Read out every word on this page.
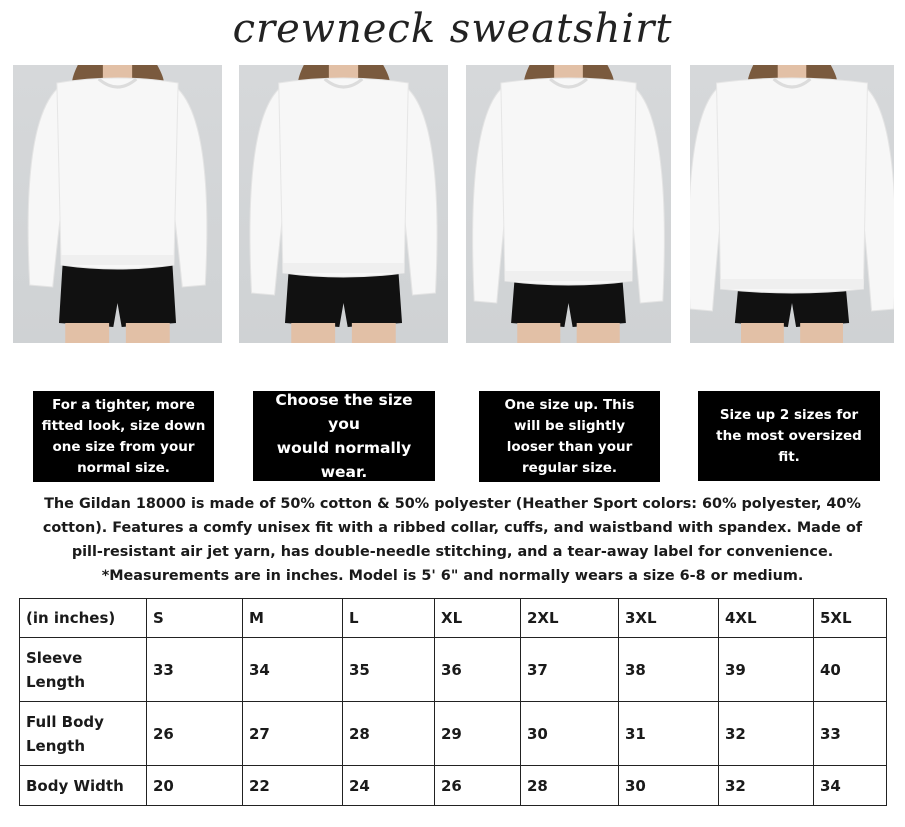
crewneck sweatshirt
For a tighter, more
fitted look, size down
one size from your
normal size.
Choose the size you
would normally
wear.
One size up. This
will be slightly
looser than your
regular size.
Size up 2 sizes for
the most oversized
fit.

The Gildan 18000 is made of 50% cotton & 50% polyester (Heather Sport colors: 60% polyester, 40%

cotton). Features a comfy unisex fit with a ribbed collar, cuffs, and waistband with spandex. Made of

pill-resistant air jet yarn, has double-needle stitching, and a tear-away label for convenience.

*Measurements are in inches. Model is 5' 6" and normally wears a size 6-8 or medium.

(in inches)	S	M	L	XL	2XL	3XL	4XL	5XL
Sleeve Length	33	34	35	36	37	38	39	40
Full Body Length	26	27	28	29	30	31	32	33
Body Width	20	22	24	26	28	30	32	34
